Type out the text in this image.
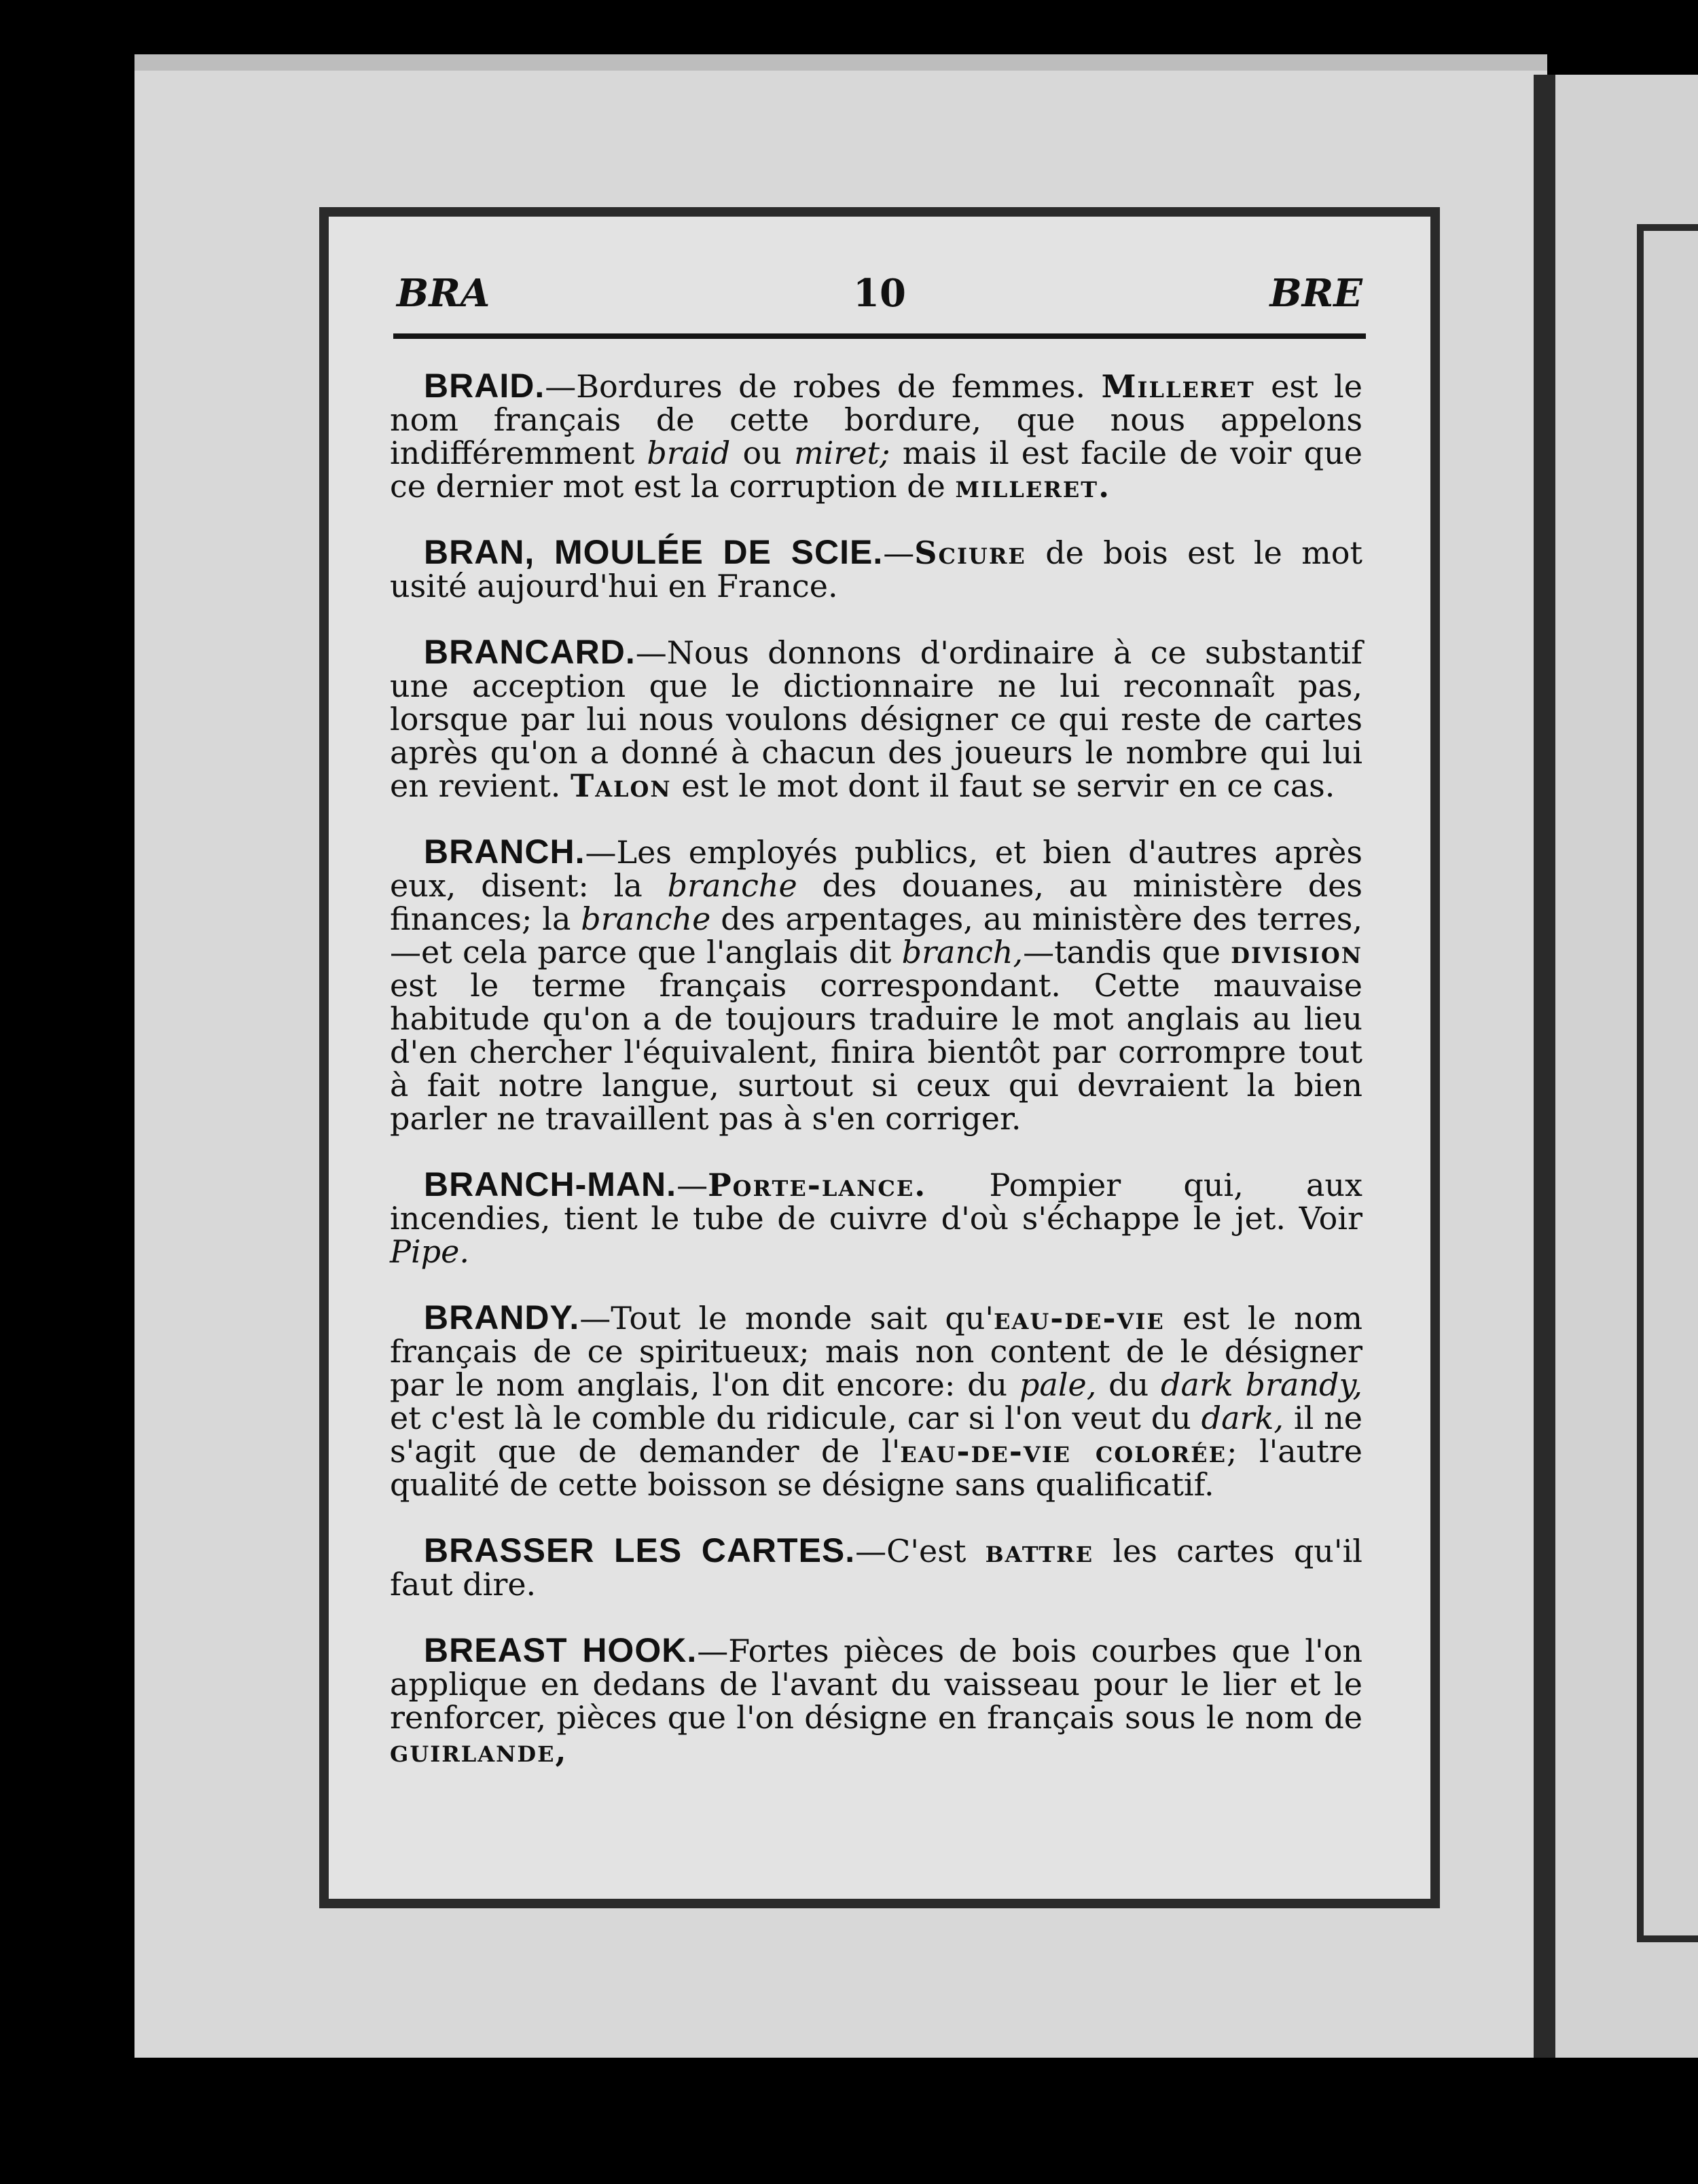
BRA	10	BRE

BRAID.—Bordures de robes de femmes. Milleret est le nom français de cette bordure, que nous appelons indifféremment braid ou miret; mais il est facile de voir que ce dernier mot est la corruption de milleret.

BRAN, MOULÉE DE SCIE.—Sciure de bois est le mot usité aujourd'hui en France.

BRANCARD.—Nous donnons d'ordinaire à ce substantif une acception que le dictionnaire ne lui reconnaît pas, lorsque par lui nous voulons désigner ce qui reste de cartes après qu'on a donné à chacun des joueurs le nombre qui lui en revient. Talon est le mot dont il faut se servir en ce cas.

BRANCH.—Les employés publics, et bien d'autres après eux, disent: la branche des douanes, au ministère des finances; la branche des arpentages, au ministère des terres,—et cela parce que l'anglais dit branch,—tandis que division est le terme français correspondant. Cette mauvaise habitude qu'on a de toujours traduire le mot anglais au lieu d'en chercher l'équivalent, finira bientôt par corrompre tout à fait notre langue, surtout si ceux qui devraient la bien parler ne travaillent pas à s'en corriger.

BRANCH-MAN.—Porte-lance. Pompier qui, aux incendies, tient le tube de cuivre d'où s'échappe le jet. Voir Pipe.

BRANDY.—Tout le monde sait qu'eau-de-vie est le nom français de ce spiritueux; mais non content de le désigner par le nom anglais, l'on dit encore: du pale, du dark brandy, et c'est là le comble du ridicule, car si l'on veut du dark, il ne s'agit que de demander de l'eau-de-vie colorée; l'autre qualité de cette boisson se désigne sans qualificatif.

BRASSER LES CARTES.—C'est battre les cartes qu'il faut dire.

BREAST HOOK.—Fortes pièces de bois courbes que l'on applique en dedans de l'avant du vaisseau pour le lier et le renforcer, pièces que l'on désigne en français sous le nom de guirlande,
